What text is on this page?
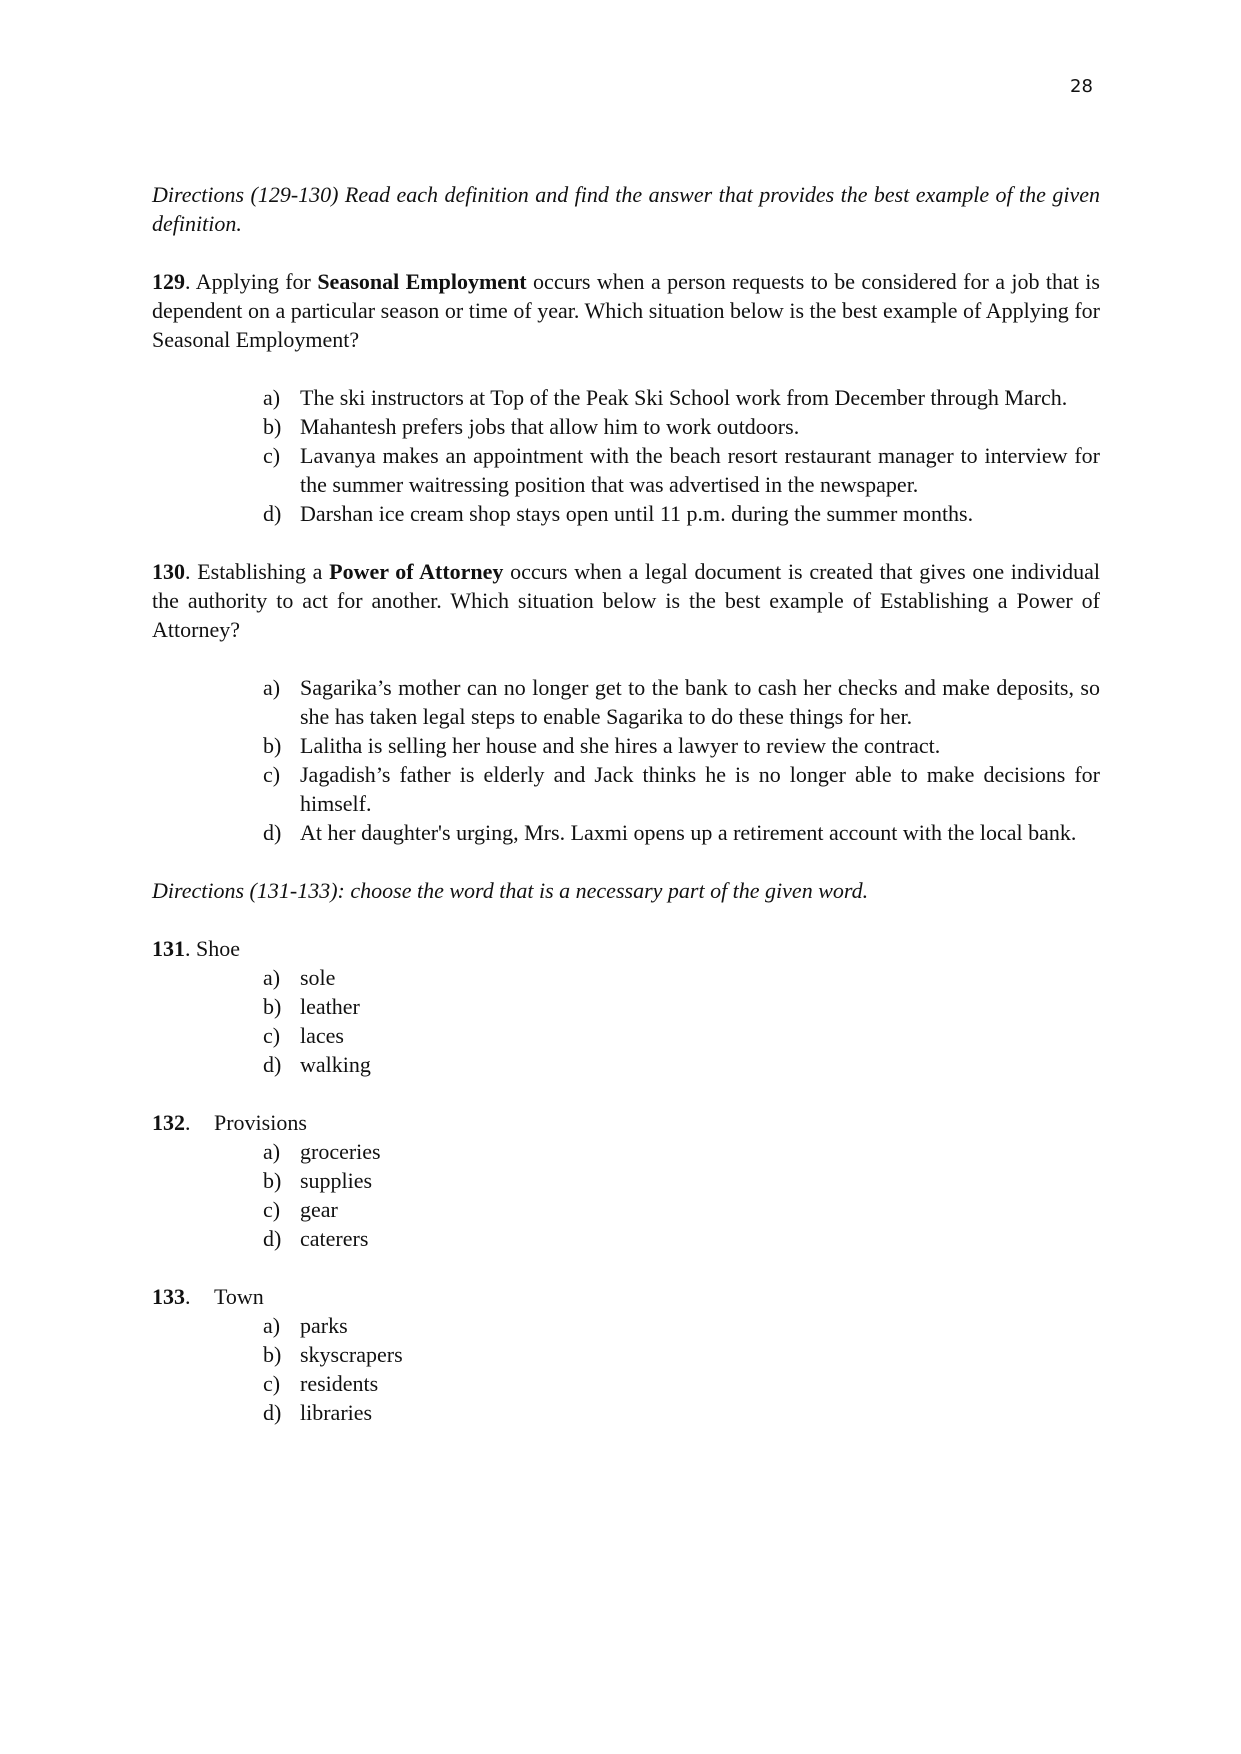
28

Directions (129-130) Read each definition and find the answer that provides the best example of the given definition.

129. Applying for Seasonal Employment occurs when a person requests to be considered for a job that is dependent on a particular season or time of year. Which situation below is the best example of Applying for Seasonal Employment?

a) The ski instructors at Top of the Peak Ski School work from December through March.
b) Mahantesh prefers jobs that allow him to work outdoors.
c) Lavanya makes an appointment with the beach resort restaurant manager to interview for the summer waitressing position that was advertised in the newspaper.
d) Darshan ice cream shop stays open until 11 p.m. during the summer months.

130. Establishing a Power of Attorney occurs when a legal document is created that gives one individual the authority to act for another. Which situation below is the best example of Establishing a Power of Attorney?

a) Sagarika’s mother can no longer get to the bank to cash her checks and make deposits, so she has taken legal steps to enable Sagarika to do these things for her.
b) Lalitha is selling her house and she hires a lawyer to review the contract.
c) Jagadish’s father is elderly and Jack thinks he is no longer able to make decisions for himself.
d) At her daughter's urging, Mrs. Laxmi opens up a retirement account with the local bank.

Directions (131-133): choose the word that is a necessary part of the given word.

131. Shoe

a) sole
b) leather
c) laces
d) walking

132. Provisions

a) groceries
b) supplies
c) gear
d) caterers

133. Town

a) parks
b) skyscrapers
c) residents
d) libraries
